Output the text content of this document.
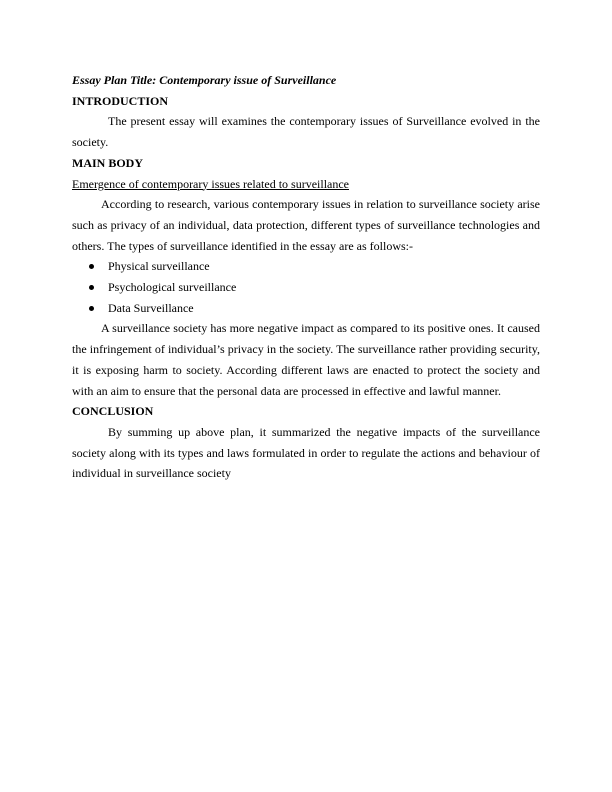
Essay Plan Title: Contemporary issue of Surveillance

INTRODUCTION

The present essay will examines the contemporary issues of Surveillance evolved in the society.

MAIN BODY

Emergence of contemporary issues related to surveillance

According to research, various contemporary issues in relation to surveillance society arise such as privacy of an individual, data protection, different types of surveillance technologies and others. The types of surveillance identified in the essay are as follows:-

Physical surveillance
Psychological surveillance
Data Surveillance

A surveillance society has more negative impact as compared to its positive ones. It caused the infringement of individual’s privacy in the society. The surveillance rather providing security, it is exposing harm to society. According different laws are enacted to protect the society and with an aim to ensure that the personal data are processed in effective and lawful manner.

CONCLUSION

By summing up above plan, it summarized the negative impacts of the surveillance society along with its types and laws formulated in order to regulate the actions and behaviour of individual in surveillance society
